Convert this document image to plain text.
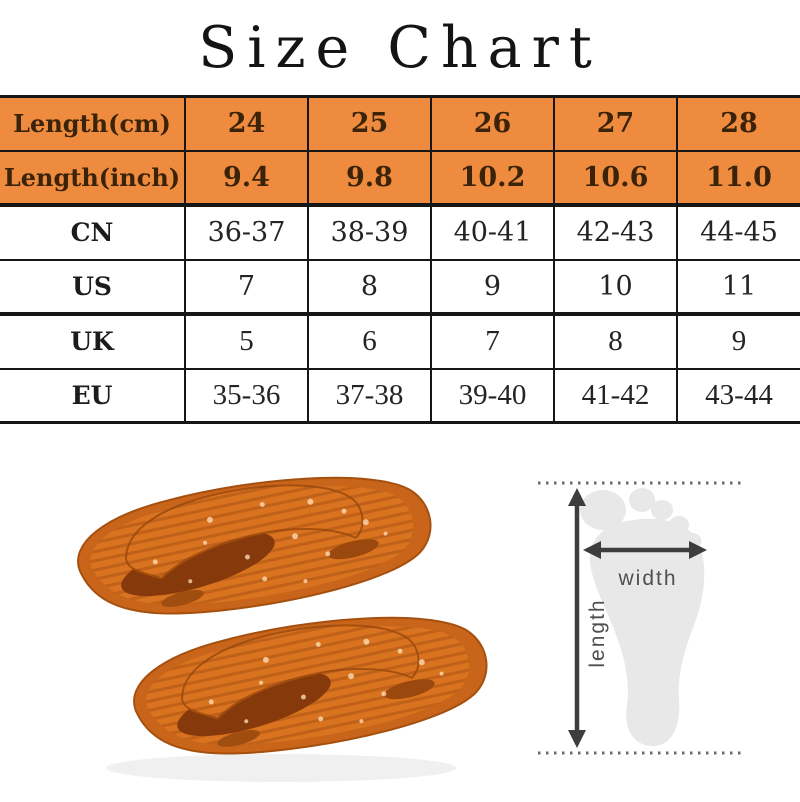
Size Chart
Length(cm)	24	25	26	27	28
Length(inch)	9.4	9.8	10.2	10.6	11.0
CN	36-37	38-39	40-41	42-43	44-45
US	7	8	9	10	11
UK	5	6	7	8	9
EU	35-36	37-38	39-40	41-42	43-44
width
length
